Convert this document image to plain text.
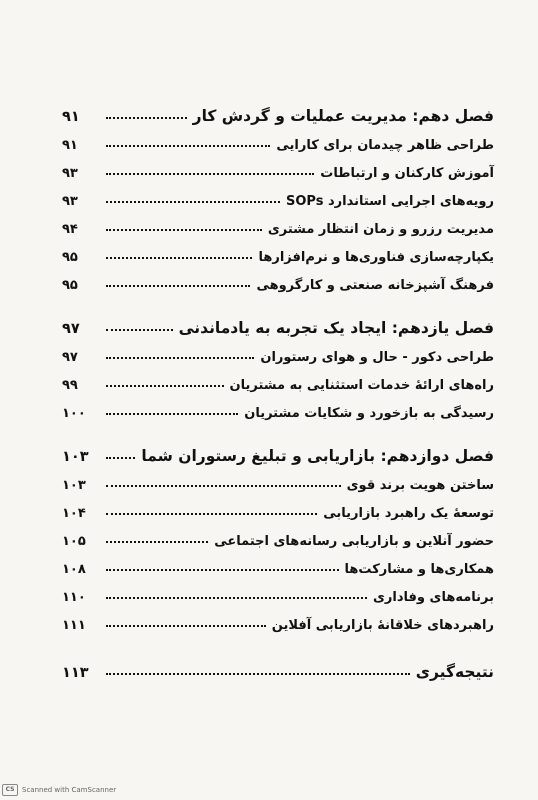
فصل دهم: مدیریت عملیات و گردش کار
۹۱
طراحی ظاهر چیدمان برای کارایی
۹۱
آموزش کارکنان و ارتباطات
۹۳
رویه‌های اجرایی استاندارد SOPs
۹۳
مدیریت رزرو و زمان انتظار مشتری
۹۴
یکپارچه‌سازی فناوری‌ها و نرم‌افزارها
۹۵
فرهنگ آشپزخانه صنعتی و کارگروهی
۹۵
فصل یازدهم: ایجاد یک تجربه به یادماندنی
۹۷
طراحی دکور - حال و هوای رستوران
۹۷
راه‌های ارائهٔ خدمات استثنایی به مشتریان
۹۹
رسیدگی به بازخورد و شکایات مشتریان
۱۰۰
فصل دوازدهم: بازاریابی و تبلیغ رستوران شما
۱۰۳
ساختن هویت برند قوی
۱۰۳
توسعهٔ یک راهبرد بازاریابی
۱۰۴
حضور آنلاین و بازاریابی رسانه‌های اجتماعی
۱۰۵
همکاری‌ها و مشارکت‌ها
۱۰۸
برنامه‌های وفاداری
۱۱۰
راهبردهای خلاقانهٔ بازاریابی آفلاین
۱۱۱
نتیجه‌گیری
۱۱۳
CS	Scanned with CamScanner
